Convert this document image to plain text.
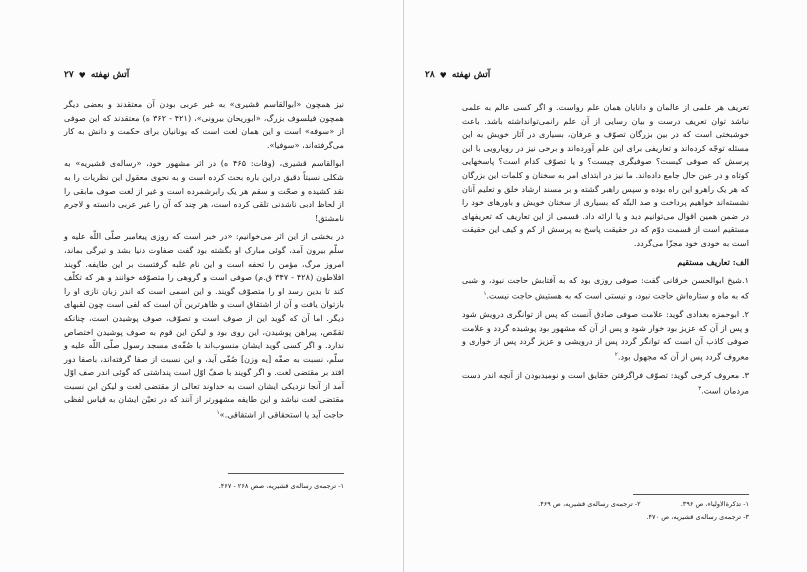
۲۷ ♥ آتش نهفته

نیز همچون «ابوالقاسم قشیری» به غیر عربی بودن آن معتقدند و بعضی دیگر همچون فیلسوف بزرگ، «ابوریحان بیرونی»، (۴۲۱ - ۳۶۲ ه) معتقدند که این صوفی از «سوفه» است و این همان لغت است که یونانیان برای حکمت و دانش به کار می‌گرفته‌اند، «سوفیا».

ابوالقاسم قشیری، (وفات: ۴۶۵ ه) در اثر مشهور خود، «رساله‌ی قشیریه» به شکلی نسبتاً دقیق دراین باره بحث کرده است و به نحوی معقول این نظریات را به نقد کشیده و صحّت و سقم هر یک رابرشمرده است و غیر از لغت صوف مابقی را از لحاظ ادبی ناشدنی تلقی کرده است، هر چند که آن را غیر عربی دانسته و لاجرم نامشتق!

در بخشی از این اثر می‌خوانیم: «در خبر است که روزی پیغامبر صلّی اللّه علیه و سلّم بیرون آمد، گوئی مبارک او بگشته بود گفت صفاوت دنیا بشد و تیرگی بماند، امروز مرگ، مؤمن را تحفه است و این نام غلبه گرفتست بر این طایفه. گویند افلاطون (۴۲۸ - ۳۴۷ ق.م) صوفی است و گروهی را متصوّفه خوانند و هر که تکلّف کند تا بدین رسد او را متصوّف گویند. و این اسمی است که اندر زبان تازی او را بازتوان یافت و آن از اشتقاق است و ظاهرترین آن است که لفی است چون لقبهای دیگر. اما آن که گوید این از صوف است و تصوّف، صوف پوشیدن است، چنانکه تقمّص، پیراهن پوشیدن، این روی بود و لیکن این قوم به صوف پوشیدن اختصاص ندارد. و اگر کسی گوید ایشان منسوب‌اند با صُفّه‌ی مسجد رسول صلّی اللّه علیه و سلّم، نسبت به صفّه [یه وزن] صُفّی آید، و این نسبت از صفا گرفته‌اند، باصفا دور افتد بر مقتضی لغت. و اگر گویند با صفّ اوّل است پنداشتی که گوئی اندر صف اوّل آمد از آنجا نزدیکی ایشان است به خداوند تعالی از مقتضی لغت و لیکن این نسبت مقتضی لغت نباشد و این طایفه مشهورتر از آنند که در تعیّن ایشان به قیاس لفظی حاجت آید یا استحقاقی از اشتقاقی.»$^۱$

۱- ترجمه‌ی رساله‌ی قشیریه، صص ۲۶۸ - ۴۶۷.

تعریف هر علمی از عالمان و دانایان همان علم رواست. و اگر کسی عالم به علمی نباشد توان تعریف درست و بیان رسایی از آن علم رانمی‌توانداشته باشد. باعث خوشبختی است که در بین بزرگان تصوّف و عرفان، بسیاری در آثار خویش به این مسئله توجّه کرده‌اند و تعاریفی برای این علم آورده‌اند و برخی نیز در رویارویی با این پرسش که صوفی کیست؟ صوفیگری چیست؟ و یا تصوّف کدام است؟ پاسخهایی کوتاه و در عین حال جامع داده‌اند. ما نیز در ابتدای امر به سخنان و کلمات این بزرگان که هر یک راهرو این راه بوده و سپس راهبر گشته و بر مسند ارشاد خلق و تعلیم آنان نشسته‌اند خواهیم پرداخت و صد البتّه که بسیاری از سخنان خویش و باورهای خود را در ضمن همین اقوال می‌توانیم دید و یا ارائه داد. قسمی از این تعاریف که تعریفهای مستقیم است از قسمت دوّم که در حقیقت پاسخ به پرسش از کم و کیف این حقیقت است به خودی خود مجزّا می‌گردد.

الف: تعاریف مستقیم

۱.شیخ ابوالحسن خرقانی گفت: صوفی روزی بود که به آفتابش حاجت نبود، و شبی که به ماه و ستاره‌اش حاجت نبود، و نیستی است که به هستیش حاجت نیست.$^۱$

۲. ابوحمزه بغدادی گوید: علامت صوفی صادق آنست که پس از توانگری درویش شود و پس از آن که عزیز بود خوار شود و پس از آن که مشهور بود پوشیده گردد و علامت صوفی کاذب آن است که توانگر گردد پس از درویشی و عزیز گردد پس از خواری و معروف گردد پس از آن که مجهول بود.$^۲$

۳. معروف کرخی گوید: تصوّف فراگرفتن حقایق است و نومیدبودن از آنچه اندر دست مردمان است.$^۳$

۱- تذکرةالاولیاء، ص ۳۹۶.
۲- ترجمه‌ی رساله‌ی قشیریه، ص ۴۶۹.
۳- ترجمه‌ی رساله‌ی قشیریه، ص ۴۷۰.
۲۸ ♥ آتش نهفته
